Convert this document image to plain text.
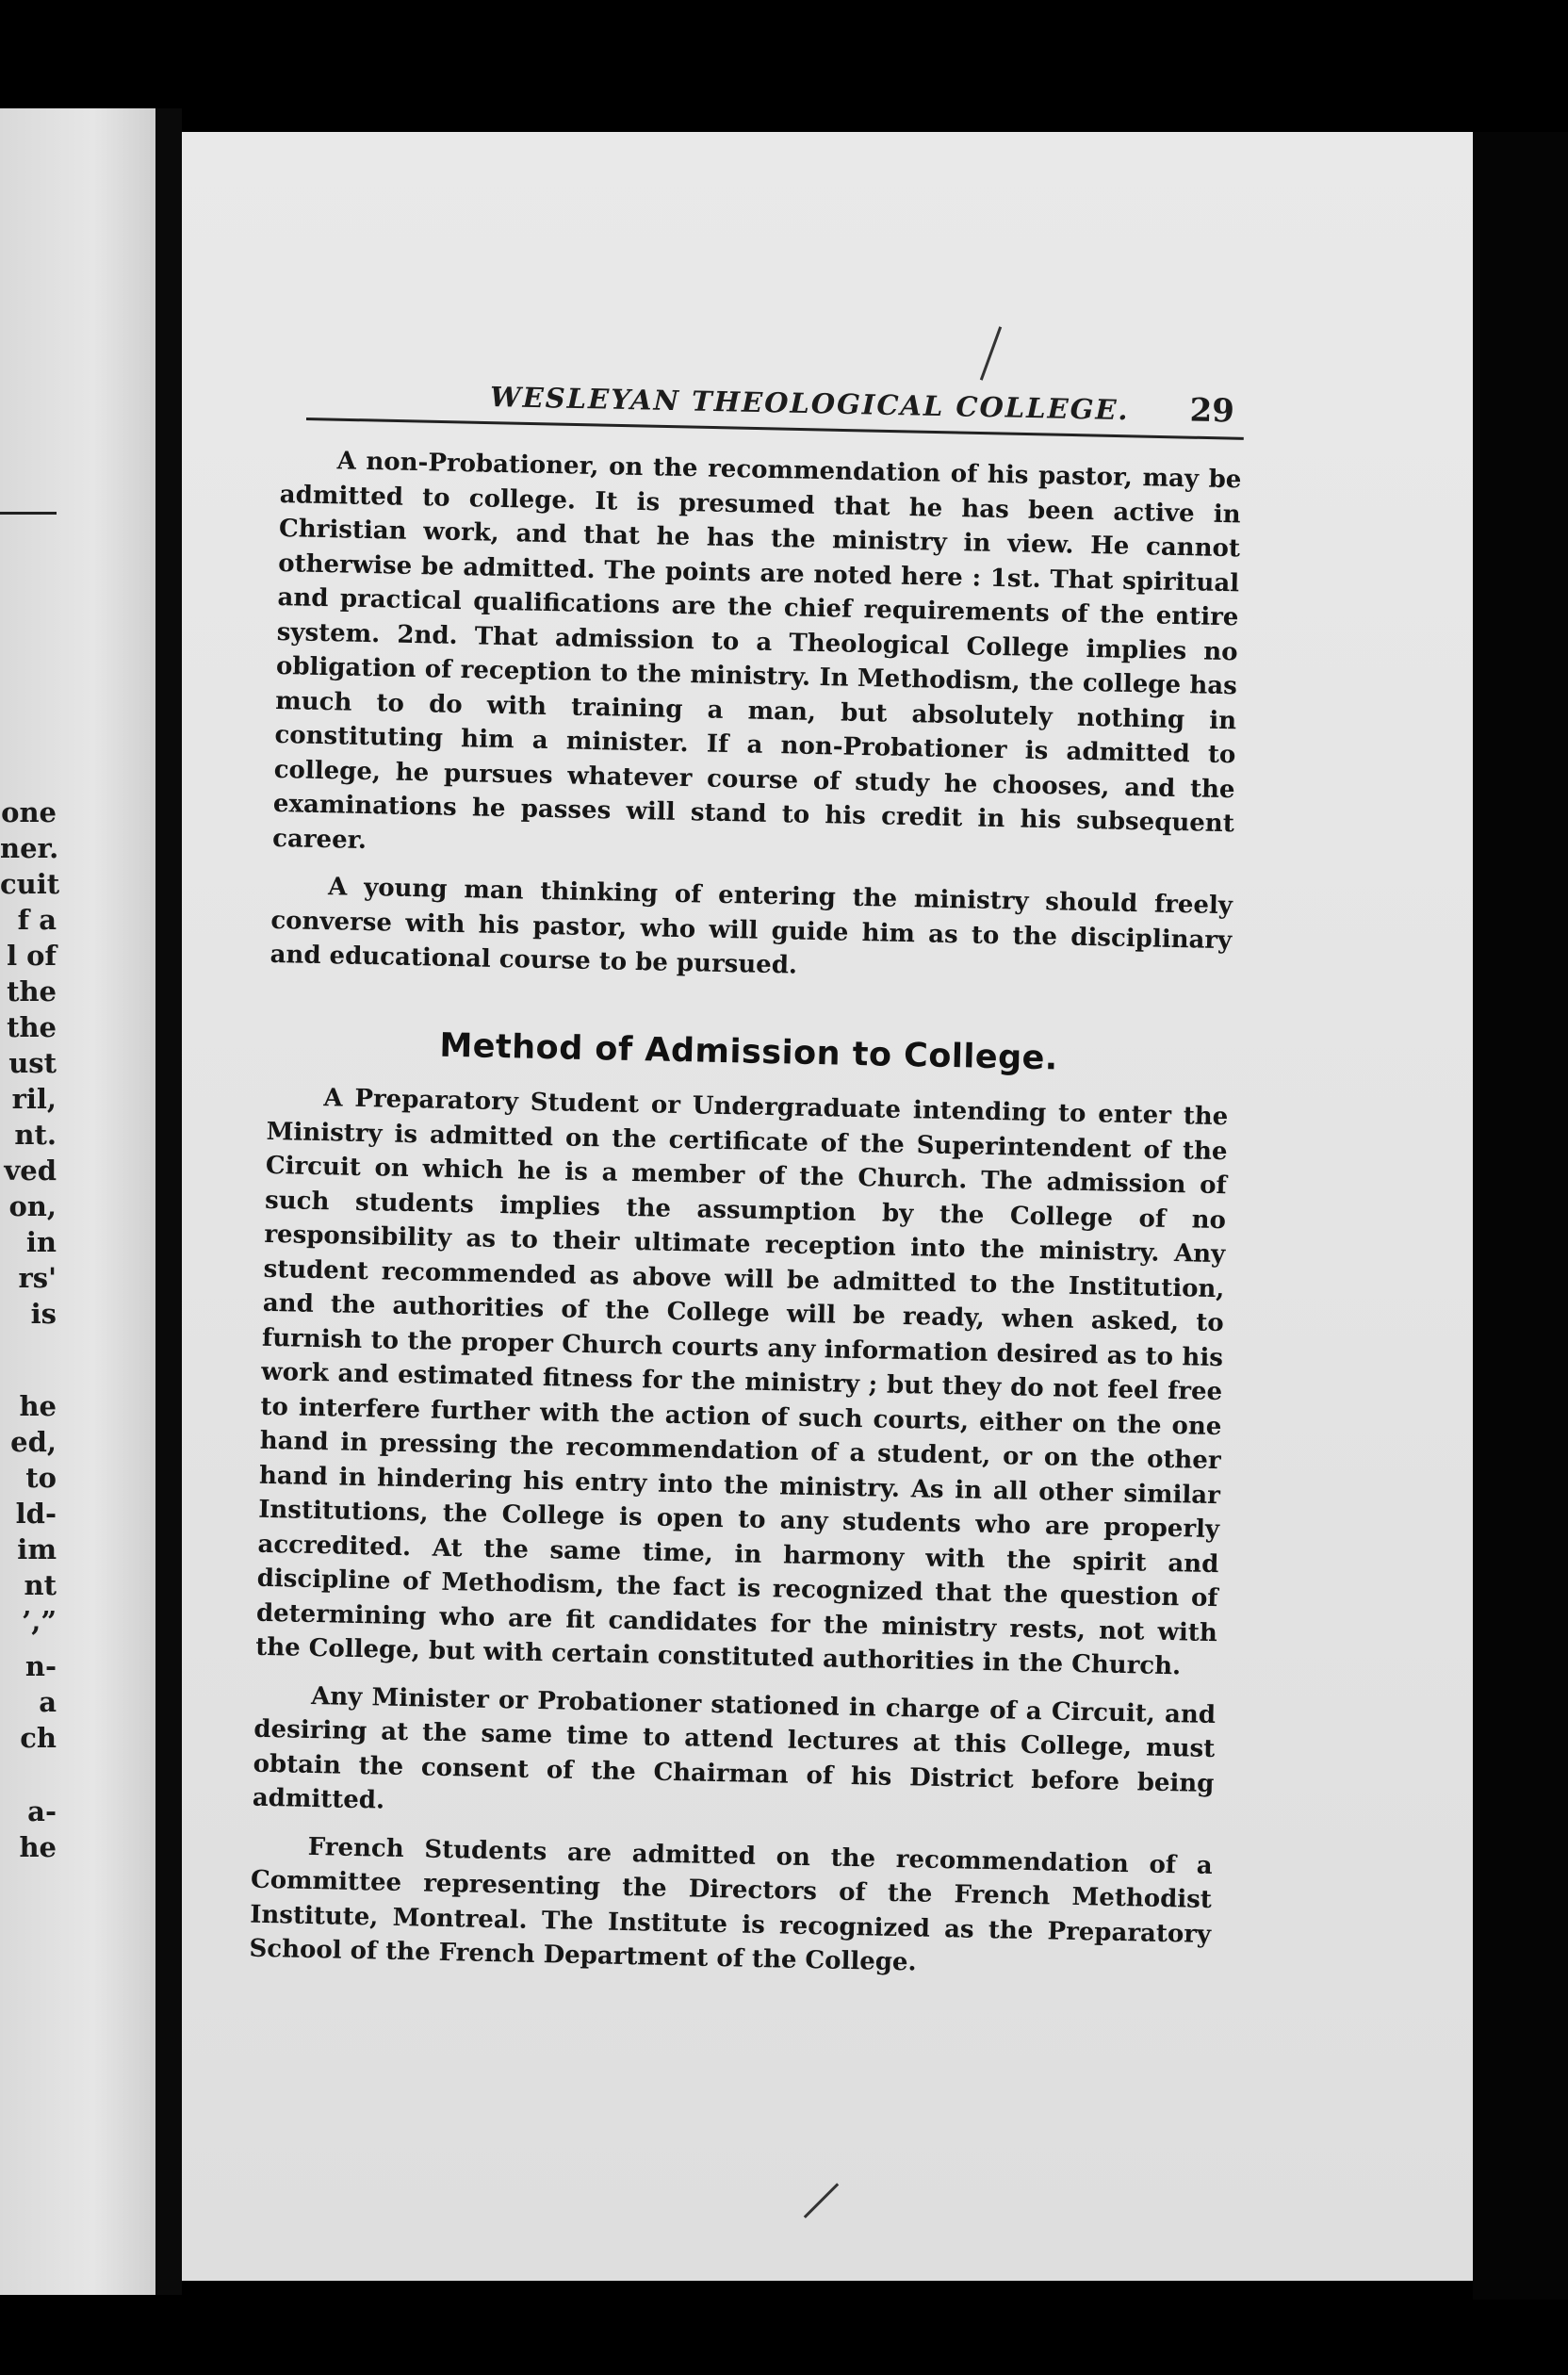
one
ner.
cuit
f a
l of
the
the
ust
ril,
nt.
ved
on,
in
rs'
is
he
ed,
to
ld-
im
nt
’,”
n-
a
ch
a-
he
WESLEYAN THEOLOGICAL COLLEGE. 29

A non-Probationer, on the recommendation of his pastor, may be admitted to college. It is presumed that he has been active in Christian work, and that he has the ministry in view. He cannot otherwise be admitted. The points are noted here : 1st. That spiritual and practical qualifications are the chief requirements of the entire system. 2nd. That admission to a Theological College implies no obligation of reception to the ministry. In Methodism, the college has much to do with training a man, but absolutely nothing in constituting him a minister. If a non-Probationer is admitted to college, he pursues whatever course of study he chooses, and the examinations he passes will stand to his credit in his subsequent career.

A young man thinking of entering the ministry should freely converse with his pastor, who will guide him as to the disciplinary and educational course to be pursued.

Method of Admission to College.

A Preparatory Student or Undergraduate intending to enter the Ministry is admitted on the certificate of the Superintendent of the Circuit on which he is a member of the Church. The admission of such students implies the assumption by the College of no responsibility as to their ultimate reception into the ministry. Any student recommended as above will be admitted to the Institution, and the authorities of the College will be ready, when asked, to furnish to the proper Church courts any information desired as to his work and estimated fitness for the ministry ; but they do not feel free to interfere further with the action of such courts, either on the one hand in pressing the recommendation of a student, or on the other hand in hindering his entry into the ministry. As in all other similar Institutions, the College is open to any students who are properly accredited. At the same time, in harmony with the spirit and discipline of Methodism, the fact is recognized that the question of determining who are fit candidates for the ministry rests, not with the College, but with certain constituted authorities in the Church.

Any Minister or Probationer stationed in charge of a Circuit, and desiring at the same time to attend lectures at this College, must obtain the consent of the Chairman of his District before being admitted.

French Students are admitted on the recommendation of a Committee representing the Directors of the French Methodist Institute, Montreal. The Institute is recognized as the Preparatory School of the French Department of the College.
